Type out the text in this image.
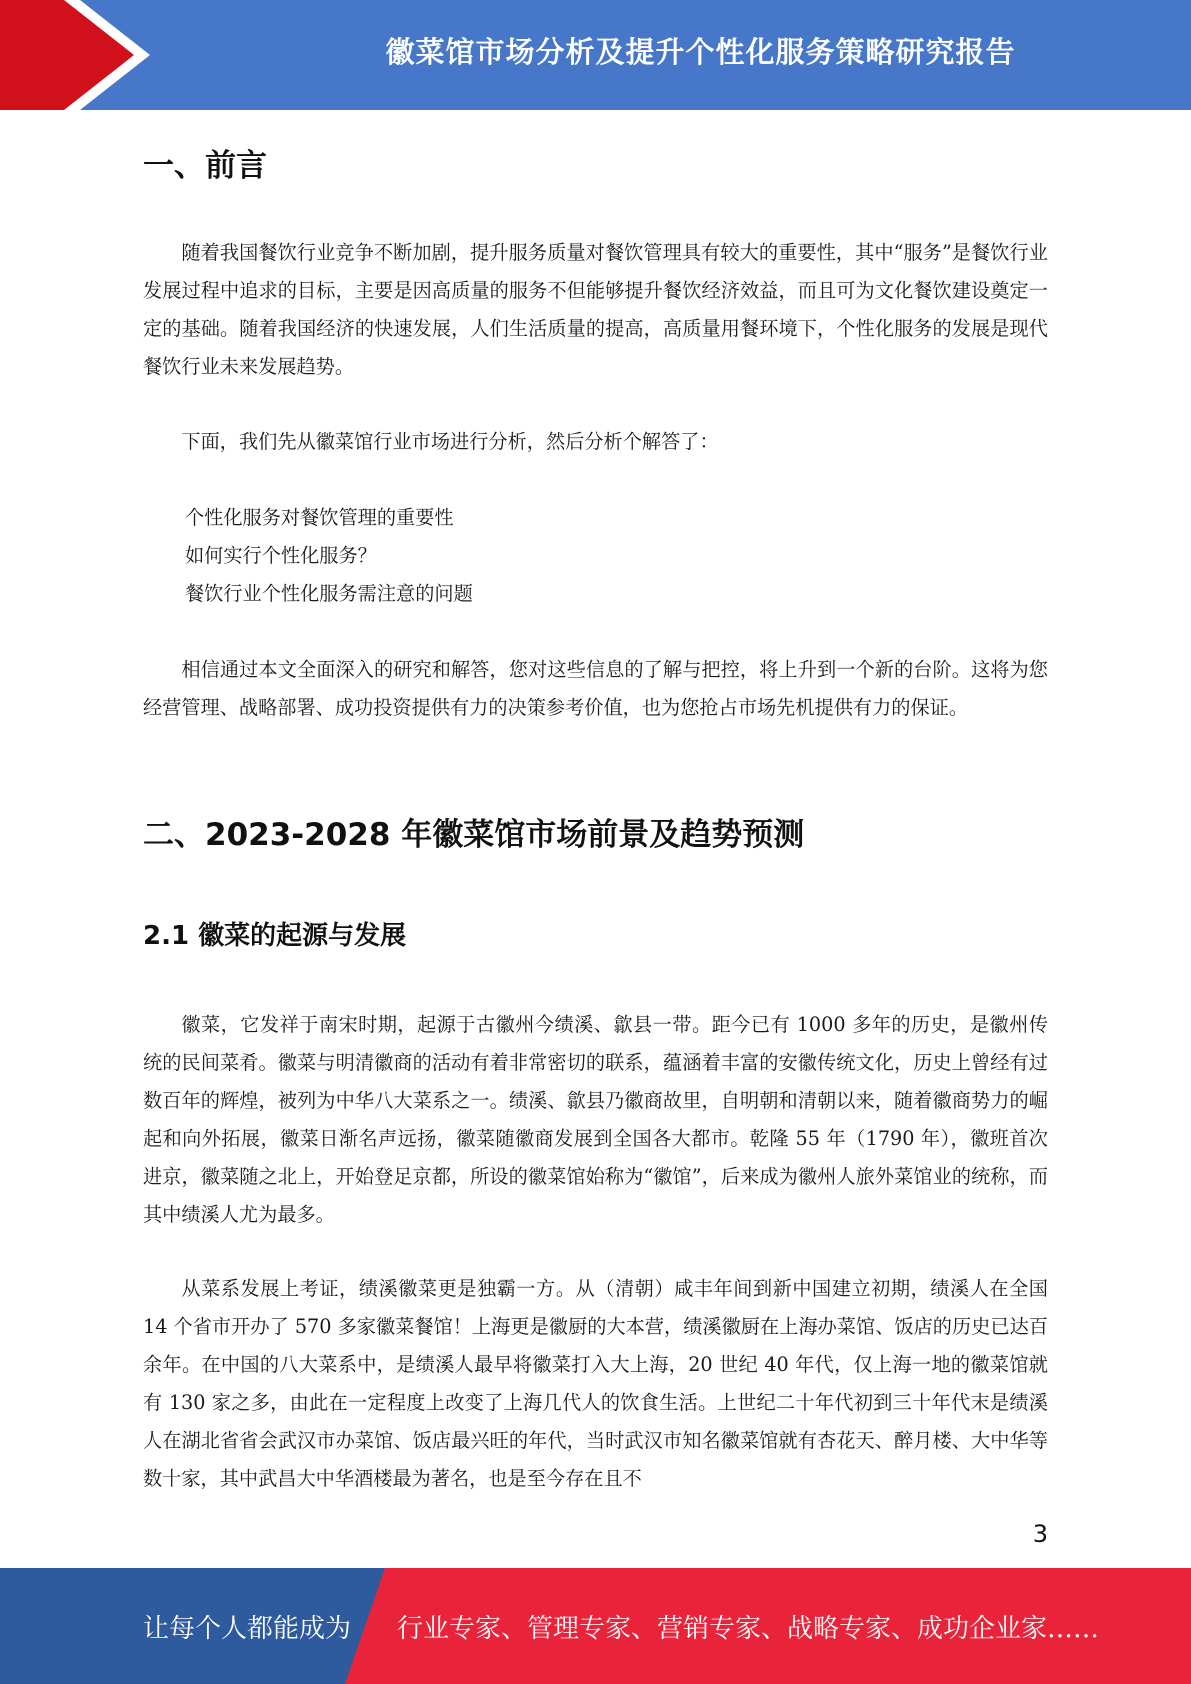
徽菜馆市场分析及提升个性化服务策略研究报告
一、前言

随着我国餐饮行业竞争不断加剧，提升服务质量对餐饮管理具有较大的重要性，其中“服务”是餐饮行业发展过程中追求的目标，主要是因高质量的服务不但能够提升餐饮经济效益，而且可为文化餐饮建设奠定一定的基础。随着我国经济的快速发展，人们生活质量的提高，高质量用餐环境下，个性化服务的发展是现代餐饮行业未来发展趋势。

下面，我们先从徽菜馆行业市场进行分析，然后分析个解答了：

个性化服务对餐饮管理的重要性

如何实行个性化服务？

餐饮行业个性化服务需注意的问题

相信通过本文全面深入的研究和解答，您对这些信息的了解与把控，将上升到一个新的台阶。这将为您经营管理、战略部署、成功投资提供有力的决策参考价值，也为您抢占市场先机提供有力的保证。

二、2023-2028 年徽菜馆市场前景及趋势预测
2.1 徽菜的起源与发展

徽菜，它发祥于南宋时期，起源于古徽州今绩溪、歙县一带。距今已有 1000 多年的历史，是徽州传统的民间菜肴。徽菜与明清徽商的活动有着非常密切的联系，蕴涵着丰富的安徽传统文化，历史上曾经有过数百年的辉煌，被列为中华八大菜系之一。绩溪、歙县乃徽商故里，自明朝和清朝以来，随着徽商势力的崛起和向外拓展，徽菜日渐名声远扬，徽菜随徽商发展到全国各大都市。乾隆 55 年（1790 年），徽班首次进京，徽菜随之北上，开始登足京都，所设的徽菜馆始称为“徽馆”，后来成为徽州人旅外菜馆业的统称，而其中绩溪人尤为最多。

从菜系发展上考证，绩溪徽菜更是独霸一方。从（清朝）咸丰年间到新中国建立初期，绩溪人在全国 14 个省市开办了 570 多家徽菜餐馆！上海更是徽厨的大本营，绩溪徽厨在上海办菜馆、饭店的历史已达百余年。在中国的八大菜系中，是绩溪人最早将徽菜打入大上海，20 世纪 40 年代，仅上海一地的徽菜馆就有 130 家之多，由此在一定程度上改变了上海几代人的饮食生活。上世纪二十年代初到三十年代末是绩溪人在湖北省省会武汉市办菜馆、饭店最兴旺的年代，当时武汉市知名徽菜馆就有杏花天、醉月楼、大中华等数十家，其中武昌大中华酒楼最为著名，也是至今存在且不

3
让每个人都能成为 行业专家、管理专家、营销专家、战略专家、成功企业家……
